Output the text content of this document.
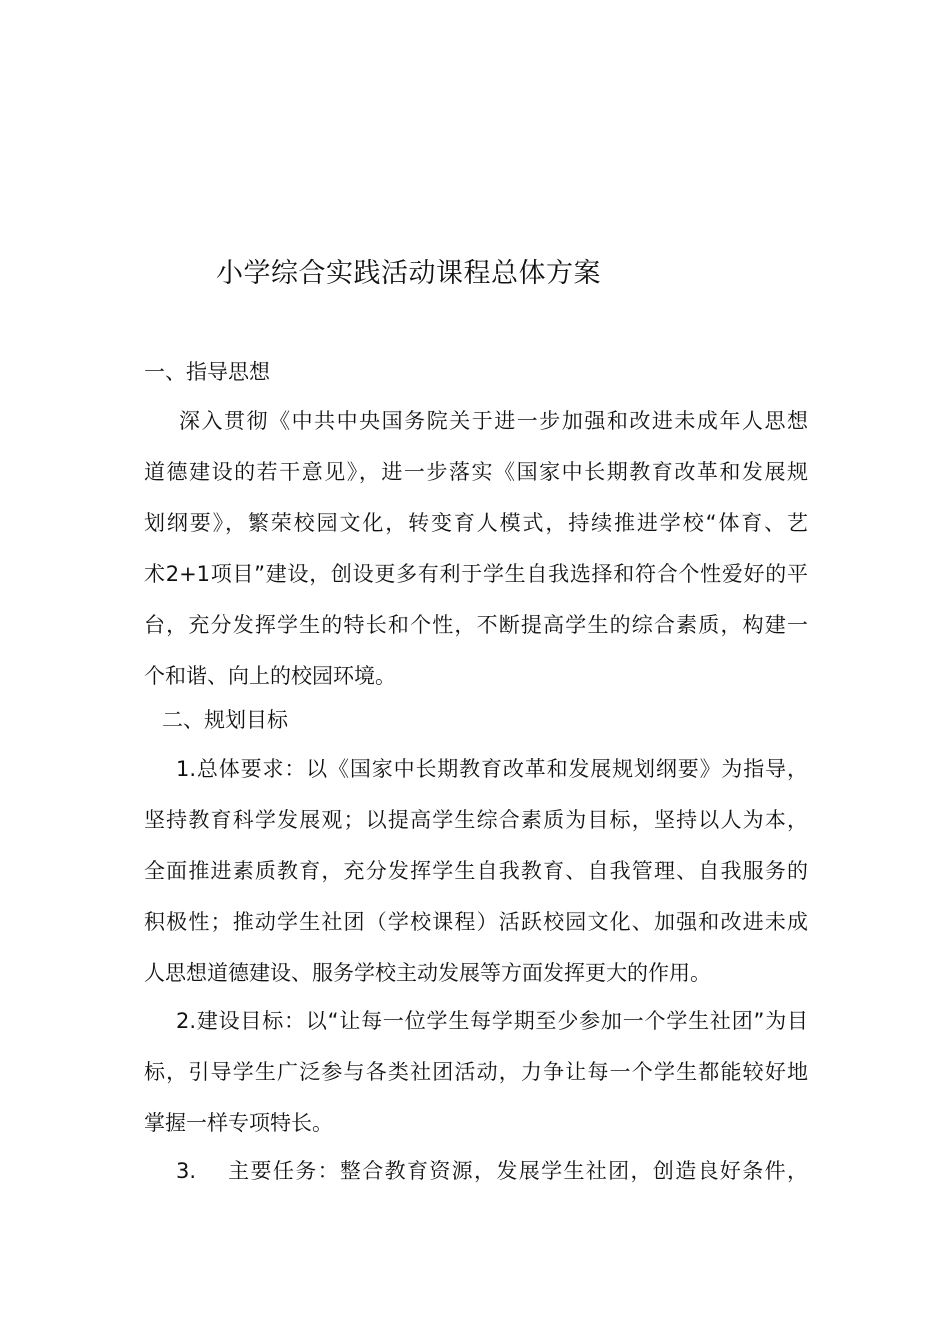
小学综合实践活动课程总体方案
一、指导思想
深入贯彻《中共中央国务院关于进一步加强和改进未成年人思想
道德建设的若干意见》，进一步落实《国家中长期教育改革和发展规
划纲要》，繁荣校园文化，转变育人模式，持续推进学校“体育、艺
术2+1项目”建设，创设更多有利于学生自我选择和符合个性爱好的平
台，充分发挥学生的特长和个性，不断提高学生的综合素质，构建一
个和谐、向上的校园环境。
二、规划目标
1.总体要求：以《国家中长期教育改革和发展规划纲要》为指导，
坚持教育科学发展观；以提高学生综合素质为目标，坚持以人为本，
全面推进素质教育，充分发挥学生自我教育、自我管理、自我服务的
积极性；推动学生社团（学校课程）活跃校园文化、加强和改进未成
人思想道德建设、服务学校主动发展等方面发挥更大的作用。
2.建设目标：以“让每一位学生每学期至少参加一个学生社团”为目
标，引导学生广泛参与各类社团活动，力争让每一个学生都能较好地
掌握一样专项特长。
3.    主要任务：整合教育资源，发展学生社团，创造良好条件，
